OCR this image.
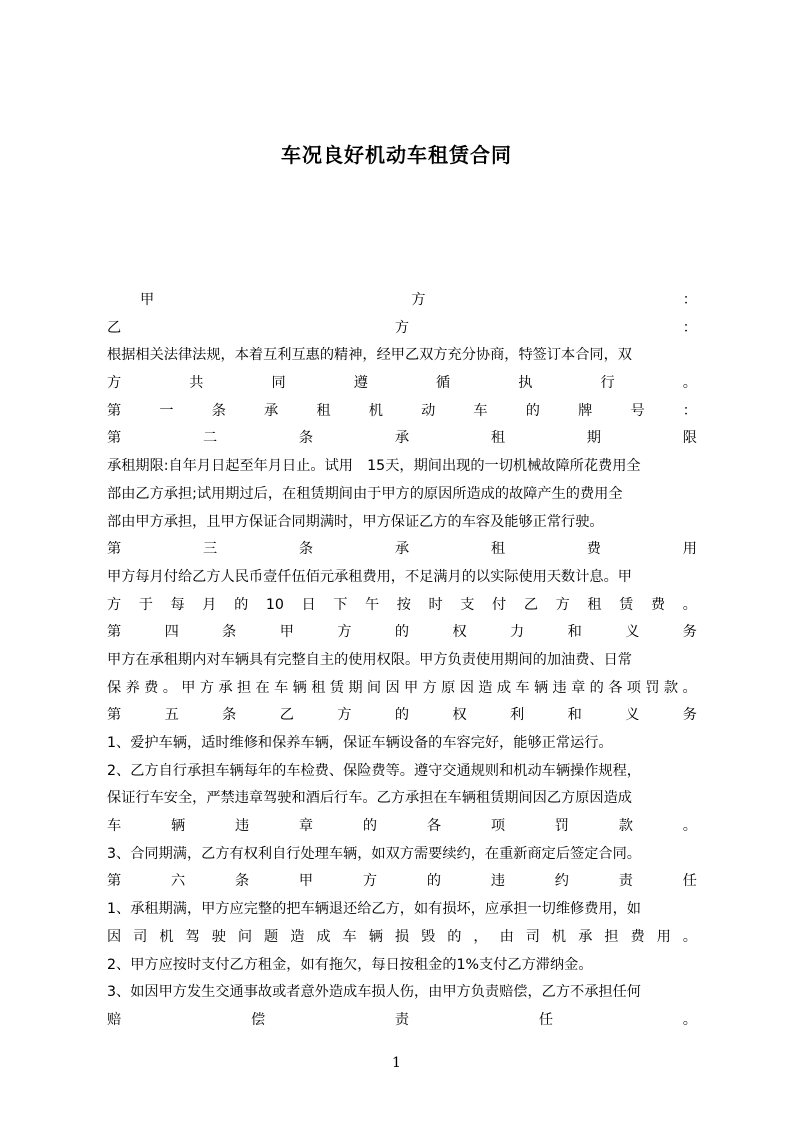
车况良好机动车租赁合同
甲	方	：
乙	方	：
根据相关法律法规，本着互利互惠的精神，经甲乙双方充分协商，特签订本合同，双
方	共	同	遵	循	执	行	。
第	一	条	承	租	机	动	车	的	牌	号	：
第	二	条	承	租	期	限
承租期限:自年月日起至年月日止。试用　15天，期间出现的一切机械故障所花费用全
部由乙方承担;试用期过后，在租赁期间由于甲方的原因所造成的故障产生的费用全
部由甲方承担，且甲方保证合同期满时，甲方保证乙方的车容及能够正常行驶。
第	三	条	承	租	费	用
甲方每月付给乙方人民币壹仟伍佰元承租费用，不足满月的以实际使用天数计息。甲
方 于 每 月 的 10 日 下 午 按 时 支 付 乙 方 租 赁 费 。
第	四	条	甲	方	的	权	力	和	义	务
甲方在承租期内对车辆具有完整自主的使用权限。甲方负责使用期间的加油费、日常
保 养 费 。 甲 方 承 担 在 车 辆 租 赁 期 间 因 甲 方 原 因 造 成 车 辆 违 章 的 各 项 罚 款 。
第	五	条	乙	方	的	权	利	和	义	务
1、爱护车辆，适时维修和保养车辆，保证车辆设备的车容完好，能够正常运行。
2、乙方自行承担车辆每年的车检费、保险费等。遵守交通规则和机动车辆操作规程，
保证行车安全，严禁违章驾驶和酒后行车。乙方承担在车辆租赁期间因乙方原因造成
车	辆	违	章	的	各	项	罚	款	。
3、合同期满，乙方有权利自行处理车辆，如双方需要续约，在重新商定后签定合同。
第	六	条	甲	方	的	违	约	责	任
1、承租期满，甲方应完整的把车辆退还给乙方，如有损坏，应承担一切维修费用，如
因 司 机 驾 驶 问 题 造 成 车 辆 损 毁 的 ， 由 司 机 承 担 费 用 。
2、甲方应按时支付乙方租金，如有拖欠，每日按租金的1%支付乙方滞纳金。
3、如因甲方发生交通事故或者意外造成车损人伤，由甲方负责赔偿，乙方不承担任何
赔	偿	责	任	。
1
